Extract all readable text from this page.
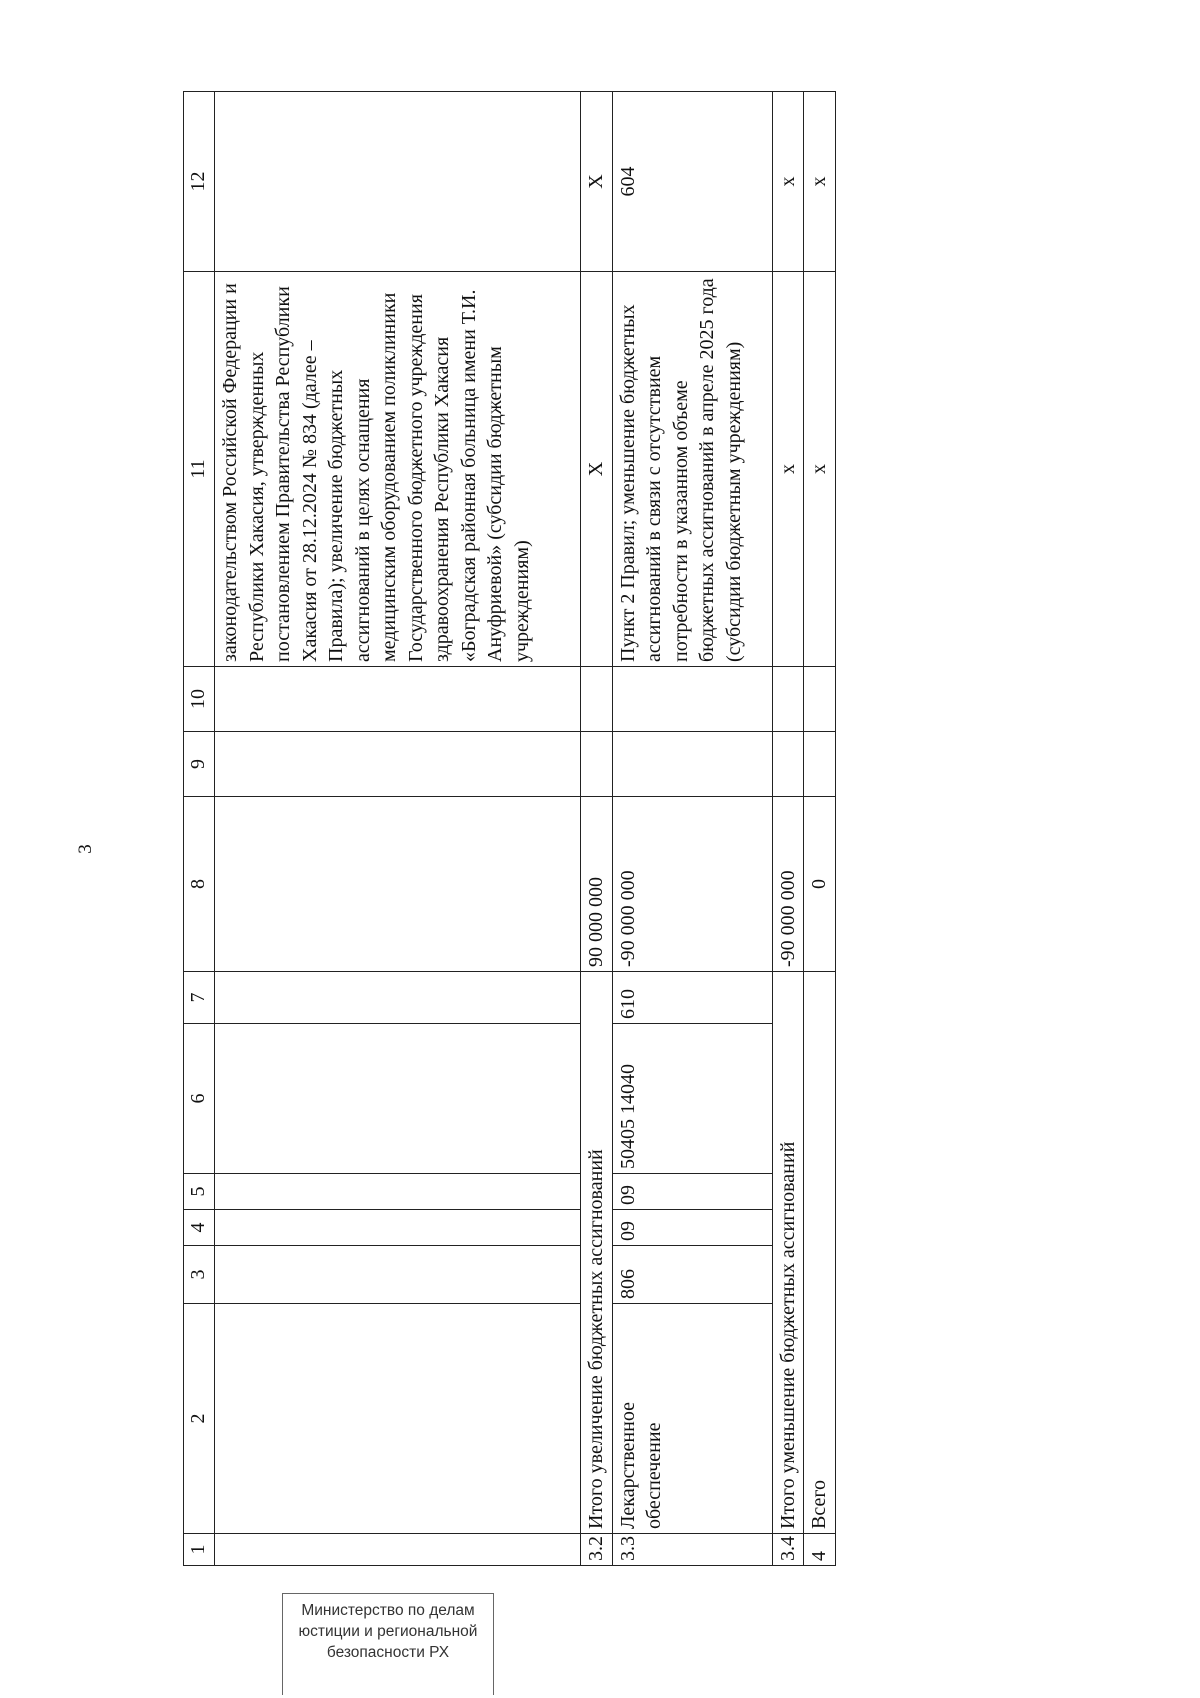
3
1	2	3	4	5	6	7	8	9	10	11	12
										законодательством Российской Федерации и Республики Хакасия, утвержденных постановлением Правительства Республики Хакасия от 28.12.2024 № 834 (далее – Правила); увеличение бюджетных ассигнований в целях оснащения медицинским оборудованием поликлиники Государственного бюджетного учреждения здравоохранения Республики Хакасия «Боградская районная больница имени Т.И. Ануфриевой» (субсидии бюджетным учреждениям)	
3.2	Итого увеличение бюджетных ассигнований						90 000 000			Х	Х
3.3	Лекарственное обеспечение	806	09	09	50405 14040	610	-90 000 000			Пункт 2 Правил; уменьшение бюджетных ассигнований в связи с отсутствием потребности в указанном объеме бюджетных ассигнований в апреле 2025 года (субсидии бюджетным учреждениям)	604
3.4	Итого уменьшение бюджетных ассигнований						-90 000 000			х	х
4	Всего						0			х	х
Министерство по делам
юстиции и региональной
безопасности РХ
